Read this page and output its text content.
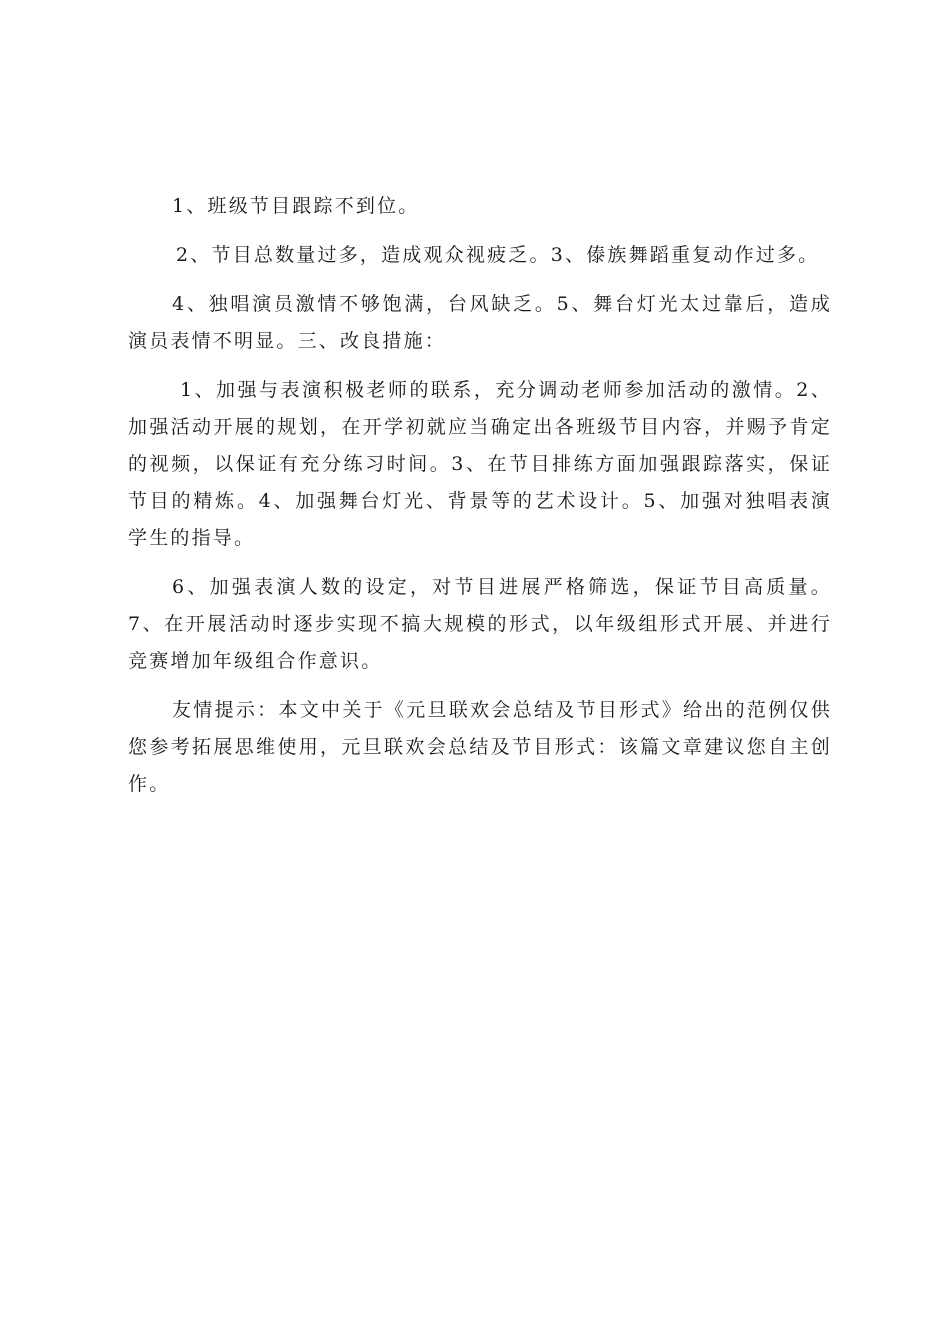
1、班级节目跟踪不到位。

2、节目总数量过多，造成观众视疲乏。3、傣族舞蹈重复动作过多。

4、独唱演员激情不够饱满，台风缺乏。5、舞台灯光太过靠后，造成演员表情不明显。三、改良措施：

1、加强与表演积极老师的联系，充分调动老师参加活动的激情。2、加强活动开展的规划，在开学初就应当确定出各班级节目内容，并赐予肯定的视频，以保证有充分练习时间。3、在节目排练方面加强跟踪落实，保证节目的精炼。4、加强舞台灯光、背景等的艺术设计。5、加强对独唱表演学生的指导。

6、加强表演人数的设定，对节目进展严格筛选，保证节目高质量。7、在开展活动时逐步实现不搞大规模的形式，以年级组形式开展、并进行竞赛增加年级组合作意识。

友情提示：本文中关于《元旦联欢会总结及节目形式》给出的范例仅供您参考拓展思维使用，元旦联欢会总结及节目形式：该篇文章建议您自主创作。
